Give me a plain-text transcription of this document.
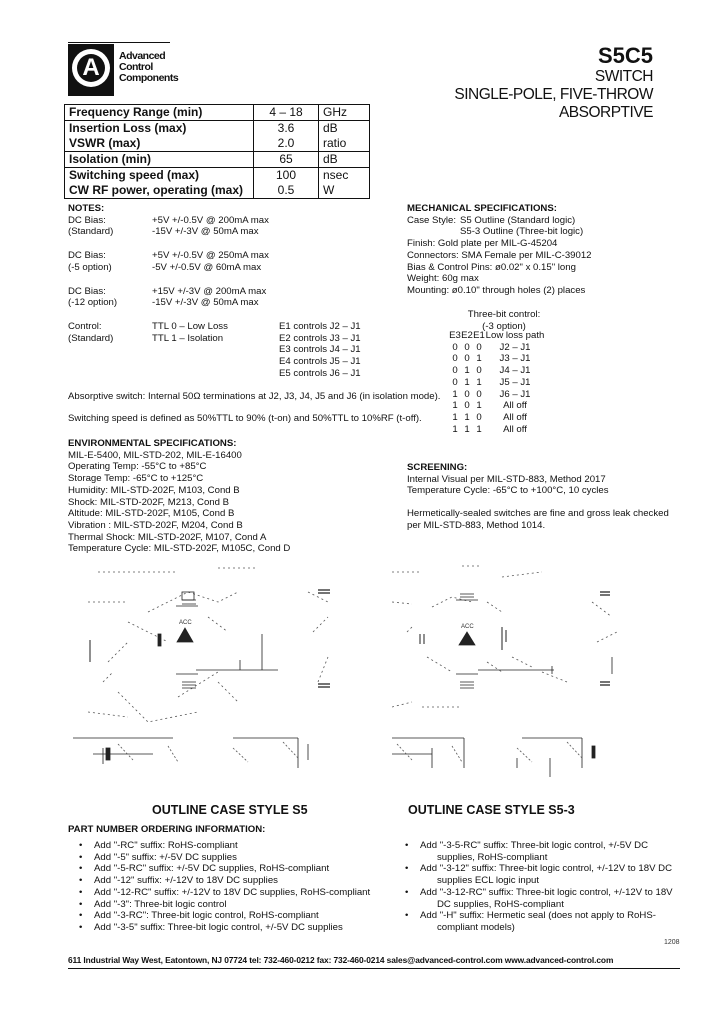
A	Advanced
Control
Components
S5C5
SWITCH
SINGLE-POLE, FIVE-THROW
ABSORPTIVE
Frequency Range (min)	4 – 18	GHz
Insertion Loss (max)	3.6	dB
VSWR (max)	2.0	ratio
Isolation (min)	65	dB
Switching speed (max)	100	nsec
CW RF power, operating (max)	0.5	W
NOTES:
DC Bias:	+5V +/-0.5V @ 200mA max
(Standard)	-15V +/-3V @ 50mA max
DC Bias:	+5V +/-0.5V @ 250mA max
(-5 option)	-5V +/-0.5V @ 60mA max
DC Bias:	+15V +/-3V @ 200mA max
(-12 option)	-15V +/-3V @ 50mA max
Control:	TTL 0 – Low Loss	E1 controls J2 – J1
(Standard)	TTL 1 – Isolation	E2 controls J3 – J1
E3 controls J4 – J1
E4 controls J5 – J1
E5 controls J6 – J1
Absorptive switch: Internal 50Ω terminations at J2, J3, J4, J5 and J6 (in isolation mode).
Switching speed is defined as 50%TTL to 90% (t-on) and 50%TTL to 10%RF (t-off).
MECHANICAL SPECIFICATIONS:
Case Style: S5 Outline (Standard logic)
S5-3 Outline (Three-bit logic)
Finish: Gold plate per MIL-G-45204
Connectors: SMA Female per MIL-C-39012
Bias & Control Pins: ø0.02" x 0.15" long
Weight: 60g max
Mounting: ø0.10" through holes (2) places
Three-bit control:
(-3 option)
E3	E2	E1	Low loss path
0	0	0	J2 – J1
0	0	1	J3 – J1
0	1	0	J4 – J1
0	1	1	J5 – J1
1	0	0	J6 – J1
1	0	1	All off
1	1	0	All off
1	1	1	All off
ENVIRONMENTAL SPECIFICATIONS:
MIL-E-5400, MIL-STD-202, MIL-E-16400
Operating Temp: -55°C to +85°C
Storage Temp: -65°C to +125°C
Humidity: MIL-STD-202F, M103, Cond B
Shock: MIL-STD-202F, M213, Cond B
Altitude: MIL-STD-202F, M105, Cond B
Vibration : MIL-STD-202F, M204, Cond B
Thermal Shock: MIL-STD-202F, M107, Cond A
Temperature Cycle: MIL-STD-202F, M105C, Cond D
SCREENING:
Internal Visual per MIL-STD-883, Method 2017
Temperature Cycle: -65°C to +100°C, 10 cycles
Hermetically-sealed switches are fine and gross leak checked
per MIL-STD-883, Method 1014.
ACC
ACC
OUTLINE CASE STYLE S5	OUTLINE CASE STYLE S5-3
PART NUMBER ORDERING INFORMATION:
• Add "-RC" suffix: RoHS-compliant
• Add "-5" suffix: +/-5V DC supplies
• Add "-5-RC" suffix: +/-5V DC supplies, RoHS-compliant
• Add "-12" suffix: +/-12V to 18V DC supplies
• Add "-12-RC" suffix: +/-12V to 18V DC supplies, RoHS-compliant
• Add "-3": Three-bit logic control
• Add "-3-RC": Three-bit logic control, RoHS-compliant
• Add "-3-5" suffix: Three-bit logic control, +/-5V DC supplies
• Add "-3-5-RC" suffix: Three-bit logic control, +/-5V DC
supplies, RoHS-compliant
• Add "-3-12" suffix: Three-bit logic control, +/-12V to 18V DC
supplies ECL logic input
• Add "-3-12-RC" suffix: Three-bit logic control, +/-12V to 18V
DC supplies, RoHS-compliant
• Add "-H" suffix: Hermetic seal (does not apply to RoHS-
compliant models)
1208
611 Industrial Way West, Eatontown, NJ 07724 tel: 732-460-0212 fax: 732-460-0214 sales@advanced-control.com www.advanced-control.com
